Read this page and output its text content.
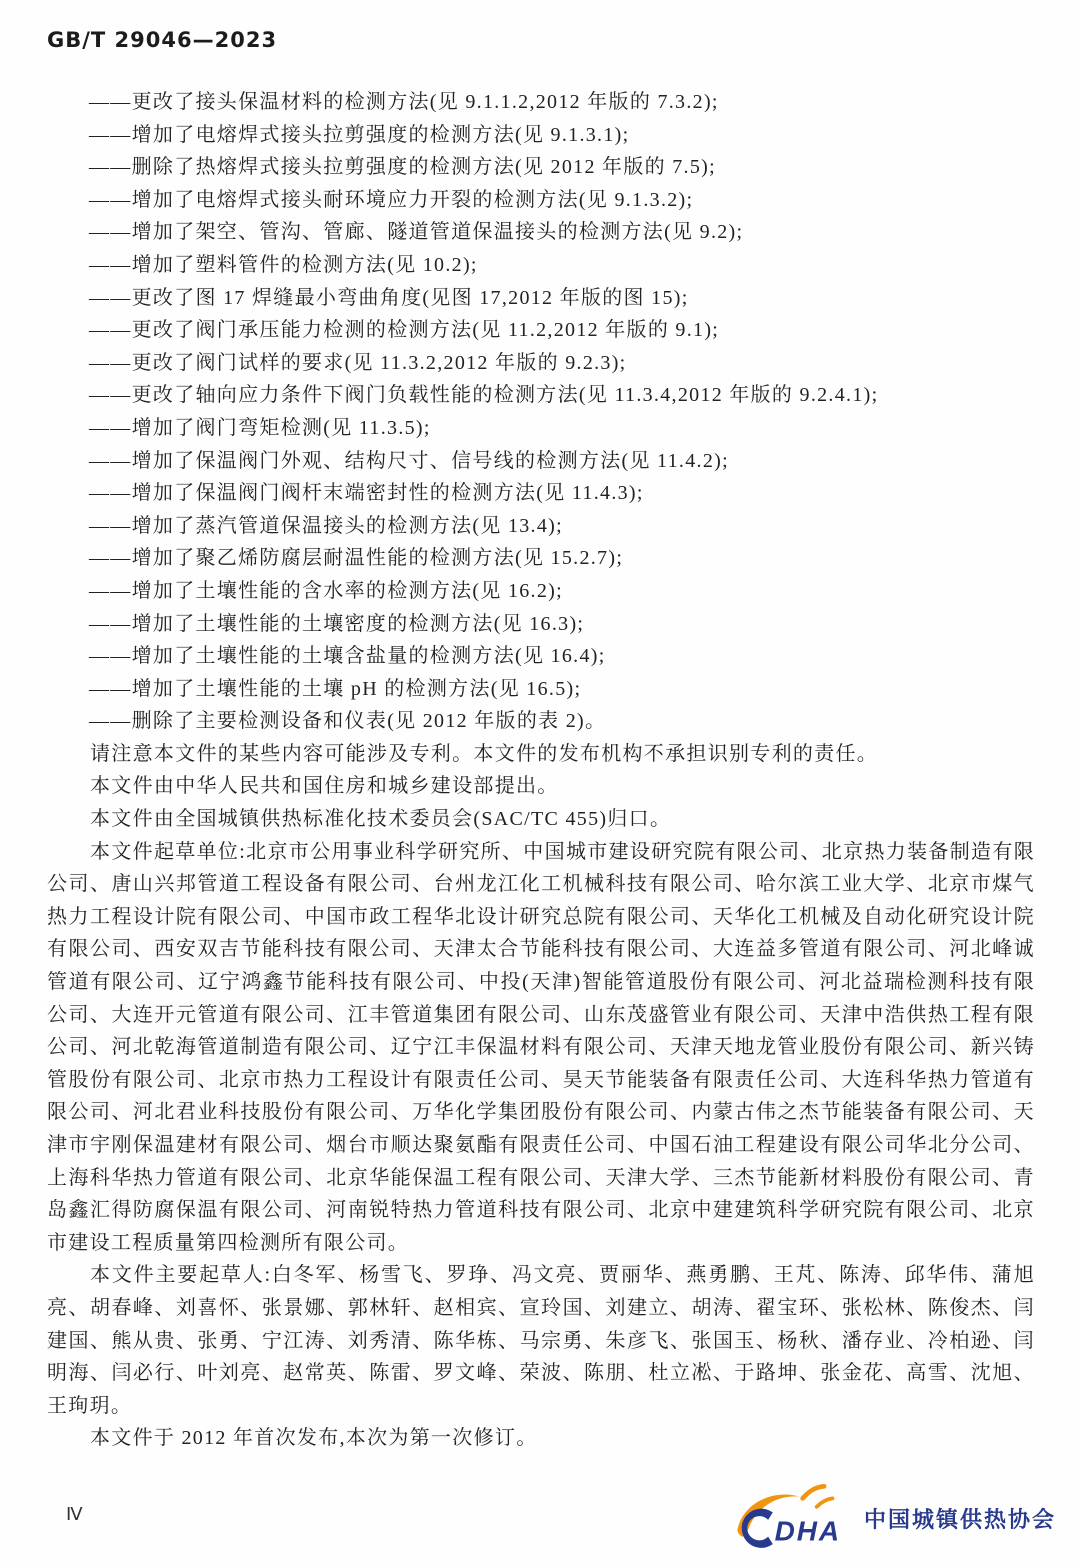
GB/T 29046—2023
——更改了接头保温材料的检测方法(见 9.1.1.2,2012 年版的 7.3.2);
——增加了电熔焊式接头拉剪强度的检测方法(见 9.1.3.1);
——删除了热熔焊式接头拉剪强度的检测方法(见 2012 年版的 7.5);
——增加了电熔焊式接头耐环境应力开裂的检测方法(见 9.1.3.2);
——增加了架空、管沟、管廊、隧道管道保温接头的检测方法(见 9.2);
——增加了塑料管件的检测方法(见 10.2);
——更改了图 17 焊缝最小弯曲角度(见图 17,2012 年版的图 15);
——更改了阀门承压能力检测的检测方法(见 11.2,2012 年版的 9.1);
——更改了阀门试样的要求(见 11.3.2,2012 年版的 9.2.3);
——更改了轴向应力条件下阀门负载性能的检测方法(见 11.3.4,2012 年版的 9.2.4.1);
——增加了阀门弯矩检测(见 11.3.5);
——增加了保温阀门外观、结构尺寸、信号线的检测方法(见 11.4.2);
——增加了保温阀门阀杆末端密封性的检测方法(见 11.4.3);
——增加了蒸汽管道保温接头的检测方法(见 13.4);
——增加了聚乙烯防腐层耐温性能的检测方法(见 15.2.7);
——增加了土壤性能的含水率的检测方法(见 16.2);
——增加了土壤性能的土壤密度的检测方法(见 16.3);
——增加了土壤性能的土壤含盐量的检测方法(见 16.4);
——增加了土壤性能的土壤 pH 的检测方法(见 16.5);
——删除了主要检测设备和仪表(见 2012 年版的表 2)。

请注意本文件的某些内容可能涉及专利。本文件的发布机构不承担识别专利的责任。

本文件由中华人民共和国住房和城乡建设部提出。

本文件由全国城镇供热标准化技术委员会(SAC/TC 455)归口。

本文件起草单位:北京市公用事业科学研究所、中国城市建设研究院有限公司、北京热力装备制造有限公司、唐山兴邦管道工程设备有限公司、台州龙江化工机械科技有限公司、哈尔滨工业大学、北京市煤气热力工程设计院有限公司、中国市政工程华北设计研究总院有限公司、天华化工机械及自动化研究设计院有限公司、西安双吉节能科技有限公司、天津太合节能科技有限公司、大连益多管道有限公司、河北峰诚管道有限公司、辽宁鸿鑫节能科技有限公司、中投(天津)智能管道股份有限公司、河北益瑞检测科技有限公司、大连开元管道有限公司、江丰管道集团有限公司、山东茂盛管业有限公司、天津中浩供热工程有限公司、河北乾海管道制造有限公司、辽宁江丰保温材料有限公司、天津天地龙管业股份有限公司、新兴铸管股份有限公司、北京市热力工程设计有限责任公司、昊天节能装备有限责任公司、大连科华热力管道有限公司、河北君业科技股份有限公司、万华化学集团股份有限公司、内蒙古伟之杰节能装备有限公司、天津市宇刚保温建材有限公司、烟台市顺达聚氨酯有限责任公司、中国石油工程建设有限公司华北分公司、上海科华热力管道有限公司、北京华能保温工程有限公司、天津大学、三杰节能新材料股份有限公司、青岛鑫汇得防腐保温有限公司、河南锐特热力管道科技有限公司、北京中建建筑科学研究院有限公司、北京市建设工程质量第四检测所有限公司。

本文件主要起草人:白冬军、杨雪飞、罗琤、冯文亮、贾丽华、燕勇鹏、王芃、陈涛、邱华伟、蒲旭亮、胡春峰、刘喜怀、张景娜、郭林轩、赵相宾、宣玲国、刘建立、胡涛、翟宝环、张松林、陈俊杰、闫建国、熊从贵、张勇、宁江涛、刘秀清、陈华栋、马宗勇、朱彦飞、张国玉、杨秋、潘存业、冷柏逊、闫明海、闫必行、叶刘亮、赵常英、陈雷、罗文峰、荣波、陈朋、杜立凇、于路坤、张金花、高雪、沈旭、王珣玥。

本文件于 2012 年首次发布,本次为第一次修订。

Ⅳ
DHA 中国城镇供热协会
